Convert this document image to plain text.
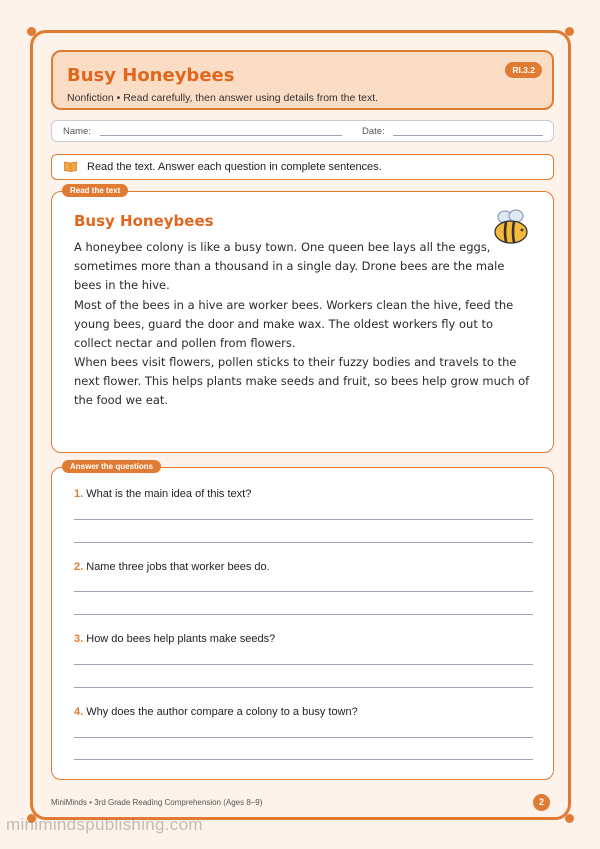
Busy Honeybees
Nonfiction • Read carefully, then answer using details from the text.
RI.3.2
Name:	Date:
Read the text. Answer each question in complete sentences.
Read the text
Busy Honeybees
A honeybee colony is like a busy town. One queen bee lays all the eggs, sometimes more than a thousand in a single day. Drone bees are the male bees in the hive.
Most of the bees in a hive are worker bees. Workers clean the hive, feed the young bees, guard the door and make wax. The oldest workers fly out to collect nectar and pollen from flowers.
When bees visit flowers, pollen sticks to their fuzzy bodies and travels to the next flower. This helps plants make seeds and fruit, so bees help grow much of the food we eat.
Answer the questions
1. What is the main idea of this text?
2. Name three jobs that worker bees do.
3. How do bees help plants make seeds?
4. Why does the author compare a colony to a busy town?
MiniMinds • 3rd Grade Reading Comprehension (Ages 8–9)	2
minimindspublishing.com
